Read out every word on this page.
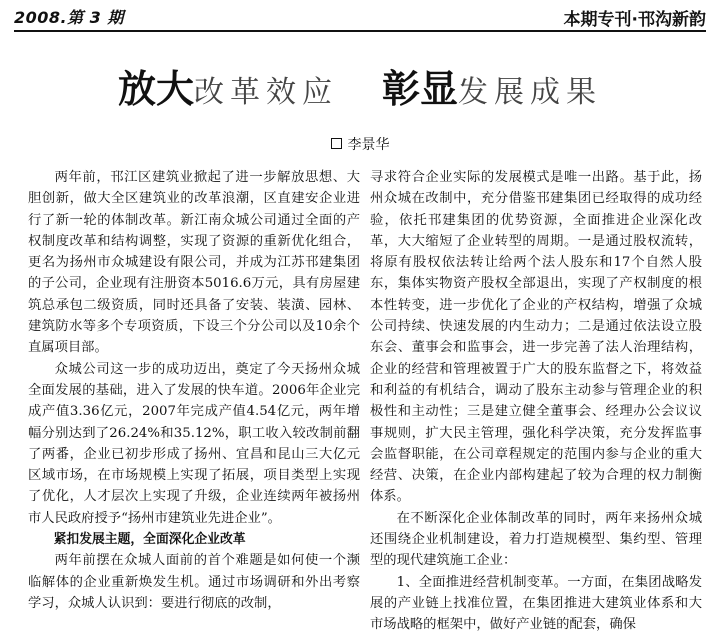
2008.第 3 期	本期专刊·邗沟新韵
放大改革效应 彰显发展成果
李景华

两年前，邗江区建筑业掀起了进一步解放思想、大胆创新，做大全区建筑业的改革浪潮，区直建安企业进行了新一轮的体制改革。新江南众城公司通过全面的产权制度改革和结构调整，实现了资源的重新优化组合，更名为扬州市众城建设有限公司，并成为江苏邗建集团的子公司，企业现有注册资本5016.6万元，具有房屋建筑总承包二级资质，同时还具备了安装、装潢、园林、建筑防水等多个专项资质，下设三个分公司以及10余个直属项目部。

众城公司这一步的成功迈出，奠定了今天扬州众城全面发展的基础，进入了发展的快车道。2006年企业完成产值3.36亿元，2007年完成产值4.54亿元，两年增幅分别达到了26.24%和35.12%，职工收入较改制前翻了两番，企业已初步形成了扬州、宜昌和昆山三大亿元区域市场，在市场规模上实现了拓展，项目类型上实现了优化，人才层次上实现了升级，企业连续两年被扬州市人民政府授予“扬州市建筑业先进企业”。

紧扣发展主题，全面深化企业改革

两年前摆在众城人面前的首个难题是如何使一个濒临解体的企业重新焕发生机。通过市场调研和外出考察学习，众城人认识到：要进行彻底的改制，

寻求符合企业实际的发展模式是唯一出路。基于此，扬州众城在改制中，充分借鉴邗建集团已经取得的成功经验，依托邗建集团的优势资源，全面推进企业深化改革，大大缩短了企业转型的周期。一是通过股权流转，将原有股权依法转让给两个法人股东和17个自然人股东，集体实物资产股权全部退出，实现了产权制度的根本性转变，进一步优化了企业的产权结构，增强了众城公司持续、快速发展的内生动力；二是通过依法设立股东会、董事会和监事会，进一步完善了法人治理结构，企业的经营和管理被置于广大的股东监督之下，将效益和利益的有机结合，调动了股东主动参与管理企业的积极性和主动性；三是建立健全董事会、经理办公会议议事规则，扩大民主管理，强化科学决策，充分发挥监事会监督职能，在公司章程规定的范围内参与企业的重大经营、决策，在企业内部构建起了较为合理的权力制衡体系。

在不断深化企业体制改革的同时，两年来扬州众城还围绕企业机制建设，着力打造规模型、集约型、管理型的现代建筑施工企业：

1、全面推进经营机制变革。一方面，在集团战略发展的产业链上找准位置，在集团推进大建筑业体系和大市场战略的框架中，做好产业链的配套，确保
